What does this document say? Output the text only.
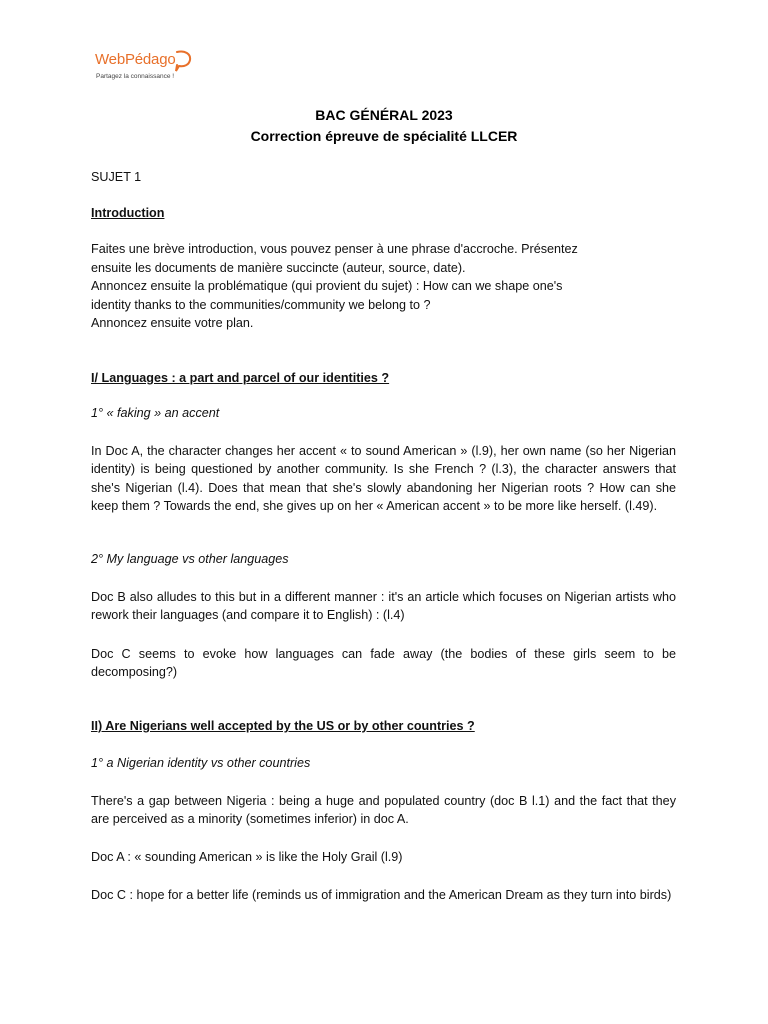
WebPédago
Partagez la connaissance !
BAC GÉNÉRAL 2023
Correction épreuve de spécialité LLCER

SUJET 1

Introduction

Faites une brève introduction, vous pouvez penser à une phrase d'accroche. Présentez

ensuite les documents de manière succincte (auteur, source, date).

Annoncez ensuite la problématique (qui provient du sujet) : How can we shape one's

identity thanks to the communities/community we belong to ?

Annoncez ensuite votre plan.

I/ Languages : a part and parcel of our identities ?

1° « faking » an accent

In Doc A, the character changes her accent « to sound American » (l.9), her own name (so her Nigerian identity) is being questioned by another community. Is she French ? (l.3), the character answers that she's Nigerian (l.4). Does that mean that she's slowly abandoning her Nigerian roots ? How can she keep them ? Towards the end, she gives up on her « American accent » to be more like herself. (l.49).

2° My language vs other languages

Doc B also alludes to this but in a different manner : it's an article which focuses on Nigerian artists who rework their languages (and compare it to English) : (l.4)

Doc C seems to evoke how languages can fade away (the bodies of these girls seem to be decomposing?)

II) Are Nigerians well accepted by the US or by other countries ?

1° a Nigerian identity vs other countries

There's a gap between Nigeria : being a huge and populated country (doc B l.1) and the fact that they are perceived as a minority (sometimes inferior) in doc A.

Doc A : « sounding American » is like the Holy Grail (l.9)

Doc C : hope for a better life (reminds us of immigration and the American Dream as they turn into birds)
